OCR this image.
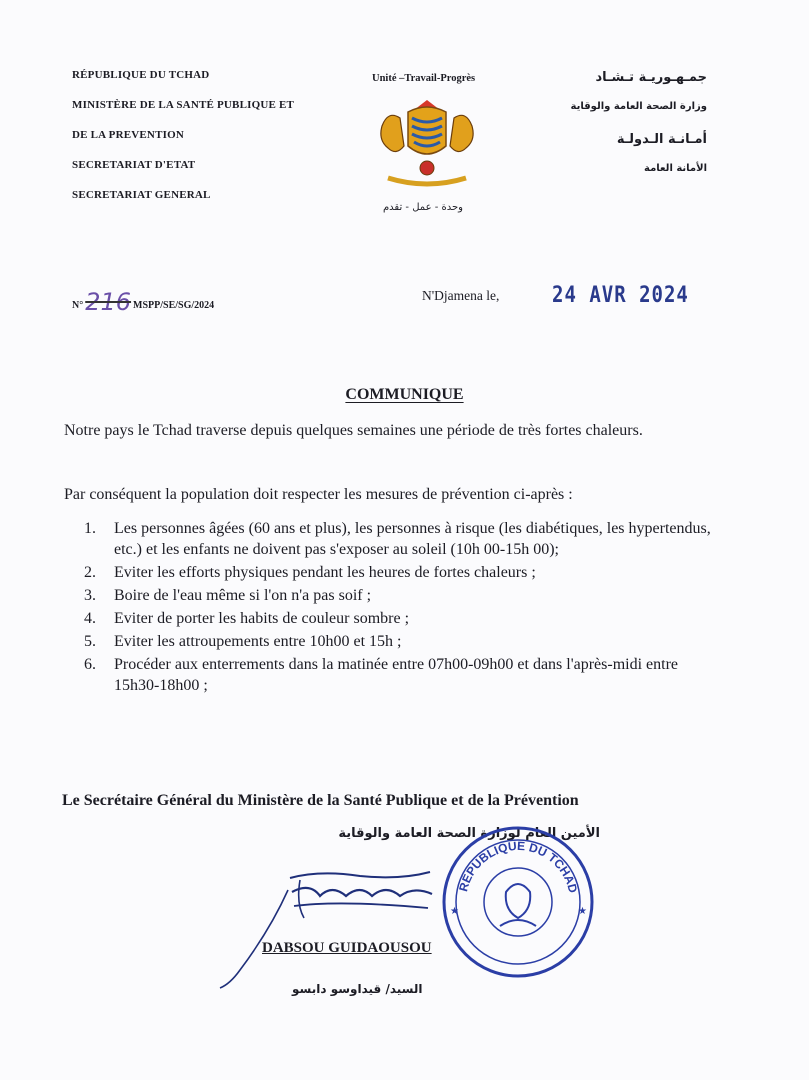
RÉPUBLIQUE DU TCHAD
MINISTÈRE DE LA SANTÉ PUBLIQUE ET
DE LA PREVENTION
SECRETARIAT D'ETAT
SECRETARIAT GENERAL
Unité –Travail-Progrès
وحدة - عمل - تقدم
جمـهـوريـة تـشـاد
وزارة الصحة العامة والوقاية
أمـانـة الـدولـة
الأمانة العامة
N°216 MSPP/SE/SG/2024
N'Djamena le,	24 AVR 2024
COMMUNIQUE
Notre pays le Tchad traverse depuis quelques semaines une période de très fortes chaleurs.
Par conséquent la population doit respecter les mesures de prévention ci-après :
1. Les personnes âgées (60 ans et plus), les personnes à risque (les diabétiques, les hypertendus, etc.) et les enfants ne doivent pas s'exposer au soleil (10h 00-15h 00);
2. Eviter les efforts physiques pendant les heures de fortes chaleurs ;
3. Boire de l'eau même si l'on n'a pas soif ;
4. Eviter de porter les habits de couleur sombre ;
5. Eviter les attroupements entre 10h00 et 15h ;
6. Procéder aux enterrements dans la matinée entre 07h00-09h00 et dans l'après-midi entre 15h30-18h00 ;
Le Secrétaire Général du Ministère de la Santé Publique et de la Prévention
الأمين العام لوزارة الصحة العامة والوقاية
DABSOU GUIDAOUSOU
السيد/ قيداوسو دابسو
RÉPUBLIQUE DU TCHAD
★
★
